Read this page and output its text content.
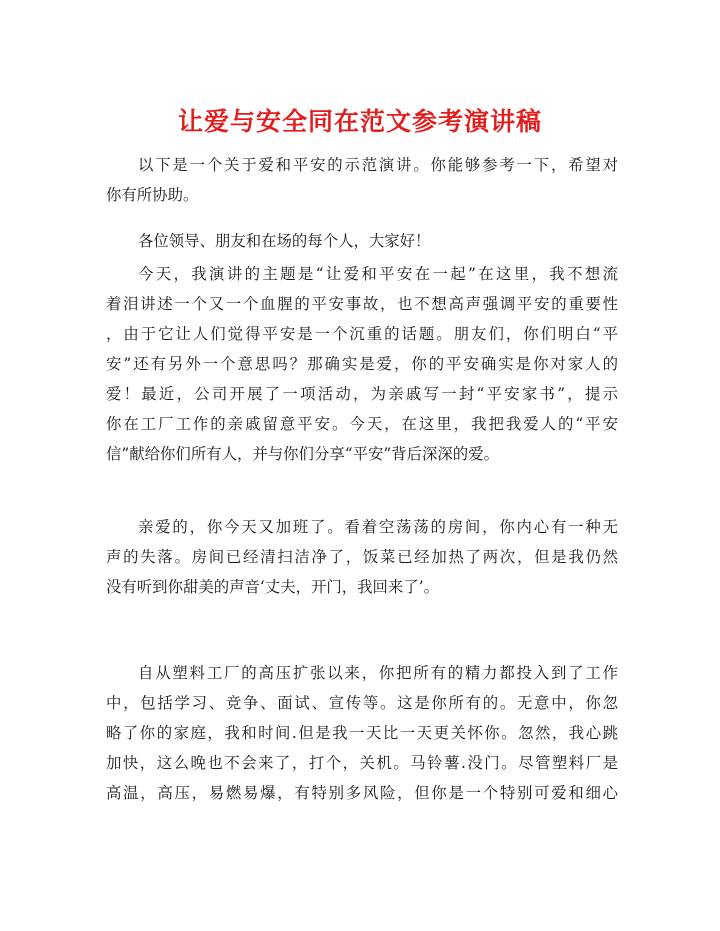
让爱与安全同在范文参考演讲稿
以下是一个关于爱和平安的示范演讲。你能够参考一下，希望对
你有所协助。
各位领导、朋友和在场的每个人，大家好！
今天，我演讲的主题是“让爱和平安在一起”在这里，我不想流
着泪讲述一个又一个血腥的平安事故，也不想高声强调平安的重要性
，由于它让人们觉得平安是一个沉重的话题。朋友们，你们明白“平
安”还有另外一个意思吗？那确实是爱，你的平安确实是你对家人的
爱！最近，公司开展了一项活动，为亲戚写一封“平安家书”，提示
你在工厂工作的亲戚留意平安。今天，在这里，我把我爱人的“平安
信”献给你们所有人，并与你们分享“平安”背后深深的爱。
亲爱的，你今天又加班了。看着空荡荡的房间，你内心有一种无
声的失落。房间已经清扫洁净了，饭菜已经加热了两次，但是我仍然
没有听到你甜美的声音‘丈夫，开门，我回来了’。
自从塑料工厂的高压扩张以来，你把所有的精力都投入到了工作
中，包括学习、竞争、面试、宣传等。这是你所有的。无意中，你忽
略了你的家庭，我和时间.但是我一天比一天更关怀你。忽然，我心跳
加快，这么晚也不会来了，打个，关机。马铃薯.没门。尽管塑料厂是
高温，高压，易燃易爆，有特别多风险，但你是一个特别可爱和细心
